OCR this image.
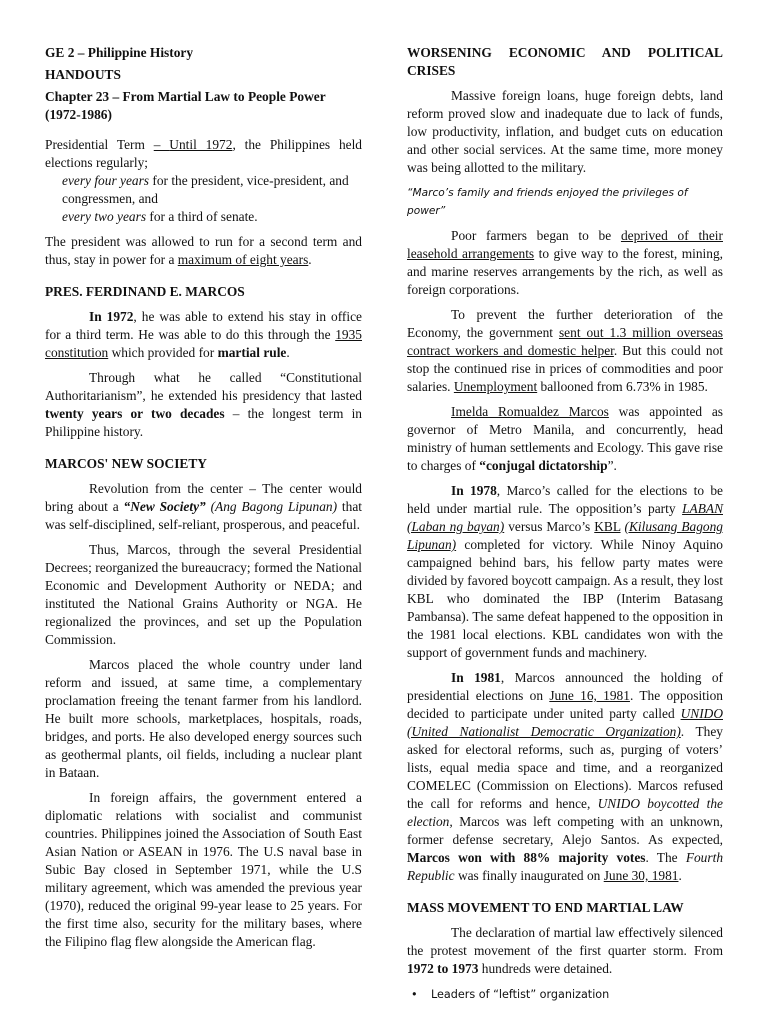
GE 2 – Philippine History

HANDOUTS

Chapter 23 – From Martial Law to People Power (1972-1986)

Presidential Term – Until 1972, the Philippines held elections regularly;

every four years for the president, vice-president, and congressmen, and

every two years for a third of senate.

The president was allowed to run for a second term and thus, stay in power for a maximum of eight years.

PRES. FERDINAND E. MARCOS

In 1972, he was able to extend his stay in office for a third term. He was able to do this through the 1935 constitution which provided for martial rule.

Through what he called “Constitutional Authoritarianism”, he extended his presidency that lasted twenty years or two decades – the longest term in Philippine history.

MARCOS' NEW SOCIETY

Revolution from the center – The center would bring about a “New Society” (Ang Bagong Lipunan) that was self-disciplined, self-reliant, prosperous, and peaceful.

Thus, Marcos, through the several Presidential Decrees; reorganized the bureaucracy; formed the National Economic and Development Authority or NEDA; and instituted the National Grains Authority or NGA. He regionalized the provinces, and set up the Population Commission.

Marcos placed the whole country under land reform and issued, at same time, a complementary proclamation freeing the tenant farmer from his landlord. He built more schools, marketplaces, hospitals, roads, bridges, and ports. He also developed energy sources such as geothermal plants, oil fields, including a nuclear plant in Bataan.

In foreign affairs, the government entered a diplomatic relations with socialist and communist countries. Philippines joined the Association of South East Asian Nation or ASEAN in 1976. The U.S naval base in Subic Bay closed in September 1971, while the U.S military agreement, which was amended the previous year (1970), reduced the original 99-year lease to 25 years. For the first time also, security for the military bases, where the Filipino flag flew alongside the American flag.

WORSENING ECONOMIC AND POLITICAL CRISES

Massive foreign loans, huge foreign debts, land reform proved slow and inadequate due to lack of funds, low productivity, inflation, and budget cuts on education and other social services. At the same time, more money was being allotted to the military.

“Marco’s family and friends enjoyed the privileges of power”

Poor farmers began to be deprived of their leasehold arrangements to give way to the forest, mining, and marine reserves arrangements by the rich, as well as foreign corporations.

To prevent the further deterioration of the Economy, the government sent out 1.3 million overseas contract workers and domestic helper. But this could not stop the continued rise in prices of commodities and poor salaries. Unemployment ballooned from 6.73% in 1985.

Imelda Romualdez Marcos was appointed as governor of Metro Manila, and concurrently, head ministry of human settlements and Ecology. This gave rise to charges of “conjugal dictatorship”.

In 1978, Marco’s called for the elections to be held under martial rule. The opposition’s party LABAN (Laban ng bayan) versus Marco’s KBL (Kilusang Bagong Lipunan) completed for victory. While Ninoy Aquino campaigned behind bars, his fellow party mates were divided by favored boycott campaign. As a result, they lost KBL who dominated the IBP (Interim Batasang Pambansa). The same defeat happened to the opposition in the 1981 local elections. KBL candidates won with the support of government funds and machinery.

In 1981, Marcos announced the holding of presidential elections on June 16, 1981. The opposition decided to participate under united party called UNIDO (United Nationalist Democratic Organization). They asked for electoral reforms, such as, purging of voters’ lists, equal media space and time, and a reorganized COMELEC (Commission on Elections). Marcos refused the call for reforms and hence, UNIDO boycotted the election, Marcos was left competing with an unknown, former defense secretary, Alejo Santos. As expected, Marcos won with 88% majority votes. The Fourth Republic was finally inaugurated on June 30, 1981.

MASS MOVEMENT TO END MARTIAL LAW

The declaration of martial law effectively silenced the protest movement of the first quarter storm. From 1972 to 1973 hundreds were detained.

• Leaders of “leftist” organization
